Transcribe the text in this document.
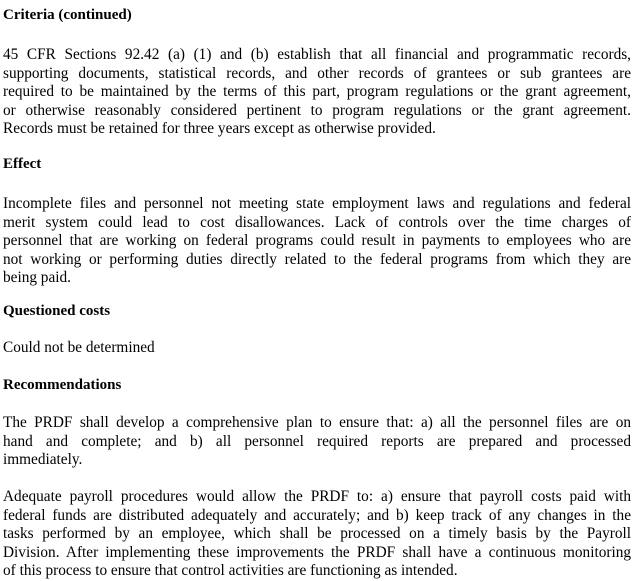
Criteria (continued)
45 CFR Sections 92.42 (a) (1) and (b) establish that all financial and programmatic records,
supporting documents, statistical records, and other records of grantees or sub grantees are
required to be maintained by the terms of this part, program regulations or the grant agreement,
or otherwise reasonably considered pertinent to program regulations or the grant agreement.
Records must be retained for three years except as otherwise provided.
Effect
Incomplete files and personnel not meeting state employment laws and regulations and federal
merit system could lead to cost disallowances. Lack of controls over the time charges of
personnel that are working on federal programs could result in payments to employees who are
not working or performing duties directly related to the federal programs from which they are
being paid.
Questioned costs
Could not be determined
Recommendations
The PRDF shall develop a comprehensive plan to ensure that: a) all the personnel files are on
hand and complete; and b) all personnel required reports are prepared and processed
immediately.
Adequate payroll procedures would allow the PRDF to: a) ensure that payroll costs paid with
federal funds are distributed adequately and accurately; and b) keep track of any changes in the
tasks performed by an employee, which shall be processed on a timely basis by the Payroll
Division. After implementing these improvements the PRDF shall have a continuous monitoring
of this process to ensure that control activities are functioning as intended.
